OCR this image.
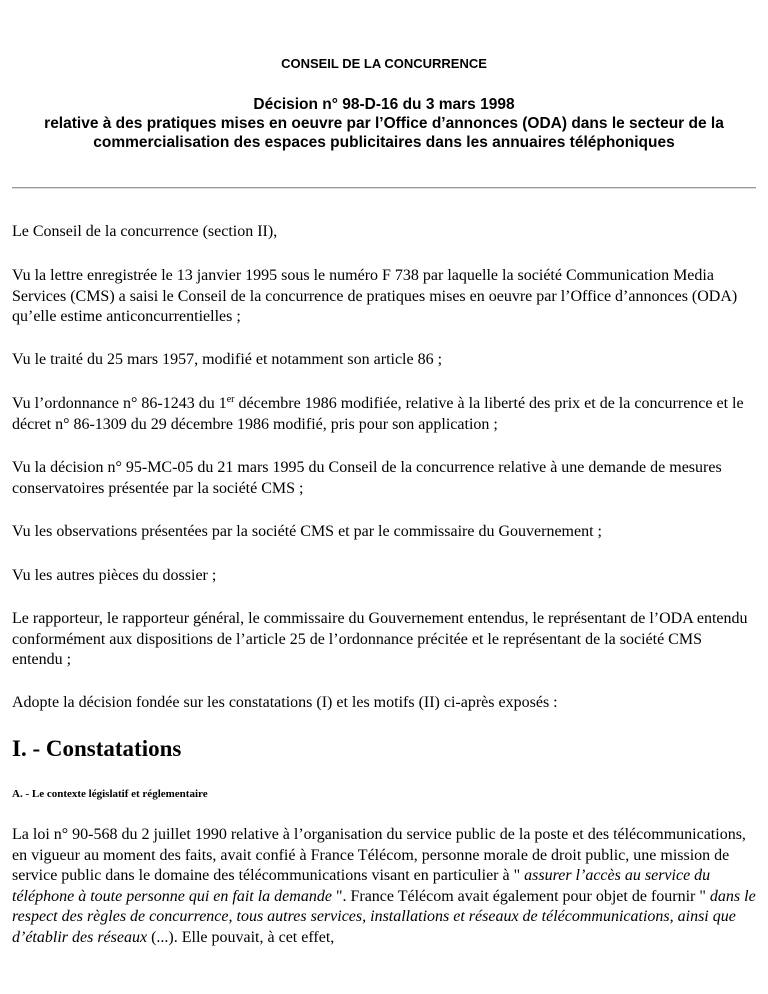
CONSEIL DE LA CONCURRENCE
Décision n° 98-D-16 du 3 mars 1998
relative à des pratiques mises en oeuvre par l’Office d’annonces (ODA) dans le secteur de la
commercialisation des espaces publicitaires dans les annuaires téléphoniques

Le Conseil de la concurrence (section II),

Vu la lettre enregistrée le 13 janvier 1995 sous le numéro F 738 par laquelle la société Communication Media Services (CMS) a saisi le Conseil de la concurrence de pratiques mises en oeuvre par l’Office d’annonces (ODA) qu’elle estime anticoncurrentielles ;

Vu le traité du 25 mars 1957, modifié et notamment son article 86 ;

Vu l’ordonnance n° 86-1243 du 1er décembre 1986 modifiée, relative à la liberté des prix et de la concurrence et le décret n° 86-1309 du 29 décembre 1986 modifié, pris pour son application ;

Vu la décision n° 95-MC-05 du 21 mars 1995 du Conseil de la concurrence relative à une demande de mesures conservatoires présentée par la société CMS ;

Vu les observations présentées par la société CMS et par le commissaire du Gouvernement ;

Vu les autres pièces du dossier ;

Le rapporteur, le rapporteur général, le commissaire du Gouvernement entendus, le représentant de l’ODA entendu conformément aux dispositions de l’article 25 de l’ordonnance précitée et le représentant de la société CMS entendu ;

Adopte la décision fondée sur les constatations (I) et les motifs (II) ci-après exposés :

I. - Constatations
A. - Le contexte législatif et réglementaire

La loi n° 90-568 du 2 juillet 1990 relative à l’organisation du service public de la poste et des télécommunications, en vigueur au moment des faits, avait confié à France Télécom, personne morale de droit public, une mission de service public dans le domaine des télécommunications visant en particulier à " assurer l’accès au service du téléphone à toute personne qui en fait la demande ". France Télécom avait également pour objet de fournir " dans le respect des règles de concurrence, tous autres services, installations et réseaux de télécommunications, ainsi que d’établir des réseaux (...). Elle pouvait, à cet effet,
